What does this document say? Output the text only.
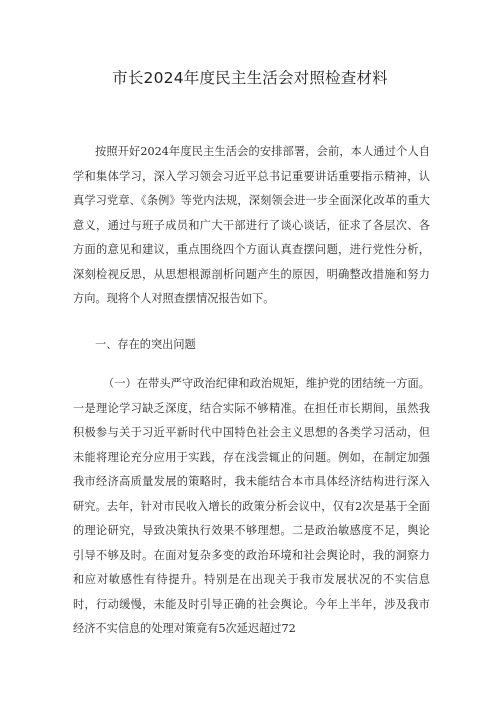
市长2024年度民主生活会对照检查材料

按照开好2024年度民主生活会的安排部署，会前，本人通过个人自学和集体学习，深入学习领会习近平总书记重要讲话重要指示精神，认真学习党章、《条例》等党内法规，深刻领会进一步全面深化改革的重大意义，通过与班子成员和广大干部进行了谈心谈话，征求了各层次、各方面的意见和建议，重点围绕四个方面认真查摆问题，进行党性分析，深刻检视反思，从思想根源剖析问题产生的原因，明确整改措施和努力方向。现将个人对照查摆情况报告如下。

一、存在的突出问题

（一）在带头严守政治纪律和政治规矩，维护党的团结统一方面。一是理论学习缺乏深度，结合实际不够精准。在担任市长期间，虽然我积极参与关于习近平新时代中国特色社会主义思想的各类学习活动，但未能将理论充分应用于实践，存在浅尝辄止的问题。例如，在制定加强我市经济高质量发展的策略时，我未能结合本市具体经济结构进行深入研究。去年，针对市民收入增长的政策分析会议中，仅有2次是基于全面的理论研究，导致决策执行效果不够理想。二是政治敏感度不足，舆论引导不够及时。在面对复杂多变的政治环境和社会舆论时，我的洞察力和应对敏感性有待提升。特别是在出现关于我市发展状况的不实信息时，行动缓慢，未能及时引导正确的社会舆论。今年上半年，涉及我市经济不实信息的处理对策竟有5次延迟超过72
